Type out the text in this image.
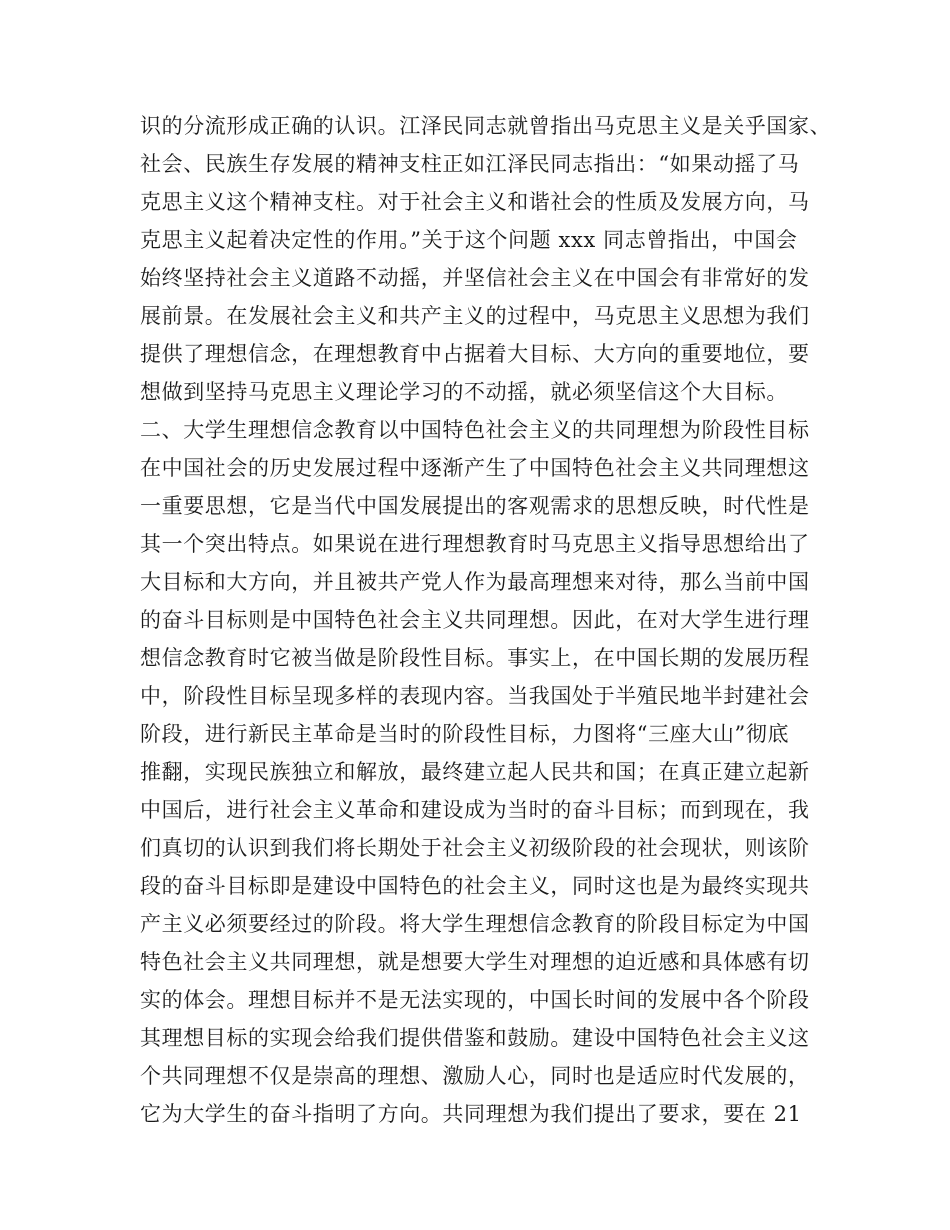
识的分流形成正确的认识。江泽民同志就曾指出马克思主义是关乎国家、
社会、民族生存发展的精神支柱正如江泽民同志指出：“如果动摇了马
克思主义这个精神支柱。对于社会主义和谐社会的性质及发展方向，马
克思主义起着决定性的作用。”关于这个问题 xxx 同志曾指出，中国会
始终坚持社会主义道路不动摇，并坚信社会主义在中国会有非常好的发
展前景。在发展社会主义和共产主义的过程中，马克思主义思想为我们
提供了理想信念，在理想教育中占据着大目标、大方向的重要地位，要
想做到坚持马克思主义理论学习的不动摇，就必须坚信这个大目标。
二、大学生理想信念教育以中国特色社会主义的共同理想为阶段性目标
在中国社会的历史发展过程中逐渐产生了中国特色社会主义共同理想这
一重要思想，它是当代中国发展提出的客观需求的思想反映，时代性是
其一个突出特点。如果说在进行理想教育时马克思主义指导思想给出了
大目标和大方向，并且被共产党人作为最高理想来对待，那么当前中国
的奋斗目标则是中国特色社会主义共同理想。因此，在对大学生进行理
想信念教育时它被当做是阶段性目标。事实上，在中国长期的发展历程
中，阶段性目标呈现多样的表现内容。当我国处于半殖民地半封建社会
阶段，进行新民主革命是当时的阶段性目标，力图将“三座大山”彻底
推翻，实现民族独立和解放，最终建立起人民共和国；在真正建立起新
中国后，进行社会主义革命和建设成为当时的奋斗目标；而到现在，我
们真切的认识到我们将长期处于社会主义初级阶段的社会现状，则该阶
段的奋斗目标即是建设中国特色的社会主义，同时这也是为最终实现共
产主义必须要经过的阶段。将大学生理想信念教育的阶段目标定为中国
特色社会主义共同理想，就是想要大学生对理想的迫近感和具体感有切
实的体会。理想目标并不是无法实现的，中国长时间的发展中各个阶段
其理想目标的实现会给我们提供借鉴和鼓励。建设中国特色社会主义这
个共同理想不仅是崇高的理想、激励人心，同时也是适应时代发展的，
它为大学生的奋斗指明了方向。共同理想为我们提出了要求，要在 21
